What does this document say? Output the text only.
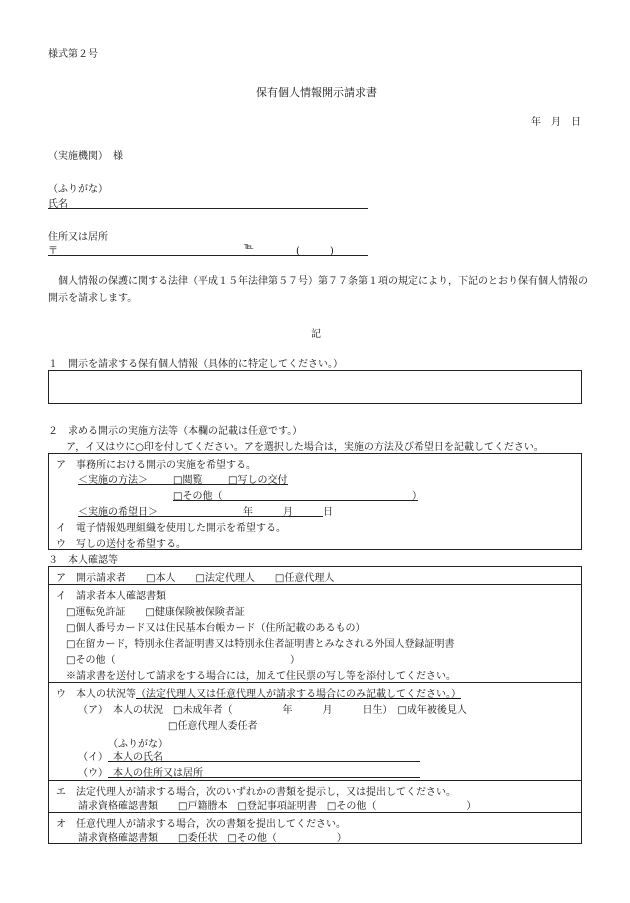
様式第２号
保有個人情報開示請求書
年　月　日
（実施機関）　様
（ふりがな）
氏名
住所又は居所
〒	℡	(　　　)
　個人情報の保護に関する法律（平成１５年法律第５７号）第７７条第１項の規定により，下記のとおり保有個人情報の開示を請求します。
記
１　開示を請求する保有個人情報（具体的に特定してください。）
２　求める開示の実施方法等（本欄の記載は任意です。）
ア，イ又はウに○印を付してください。アを選択した場合は，実施の方法及び希望日を記載してください。
ア　事務所における開示の実施を希望する。
＜実施の方法＞	□閲覧	□写しの交付
□その他（	）
＜実施の希望日＞	年　　　月　　　日
イ　電子情報処理組織を使用した開示を希望する。
ウ　写しの送付を希望する。
３　本人確認等
ア　開示請求者　　□本人　　□法定代理人　　□任意代理人
イ　請求者本人確認書類
□運転免許証　　□健康保険被保険者証
□個人番号カード又は住民基本台帳カード（住所記載のあるもの）
□在留カード，特別永住者証明書又は特別永住者証明書とみなされる外国人登録証明書
□その他（	）
※請求書を送付して請求をする場合には，加えて住民票の写し等を添付してください。
ウ　本人の状況等（法定代理人又は任意代理人が請求する場合にのみ記載してください。）
（ア）　本人の状況　□未成年者（　　　　　年　　　月　　　日生）　□成年被後見人
□任意代理人委任者
（ふりがな）
（イ）　本人の氏名
（ウ）　本人の住所又は居所
エ　法定代理人が請求する場合，次のいずれかの書類を提示し，又は提出してください。
請求資格確認書類　　□戸籍謄本　□登記事項証明書　□その他（　　　　　　　　　）
オ　任意代理人が請求する場合，次の書類を提出してください。
請求資格確認書類　　□委任状　□その他（　　　　　　）
